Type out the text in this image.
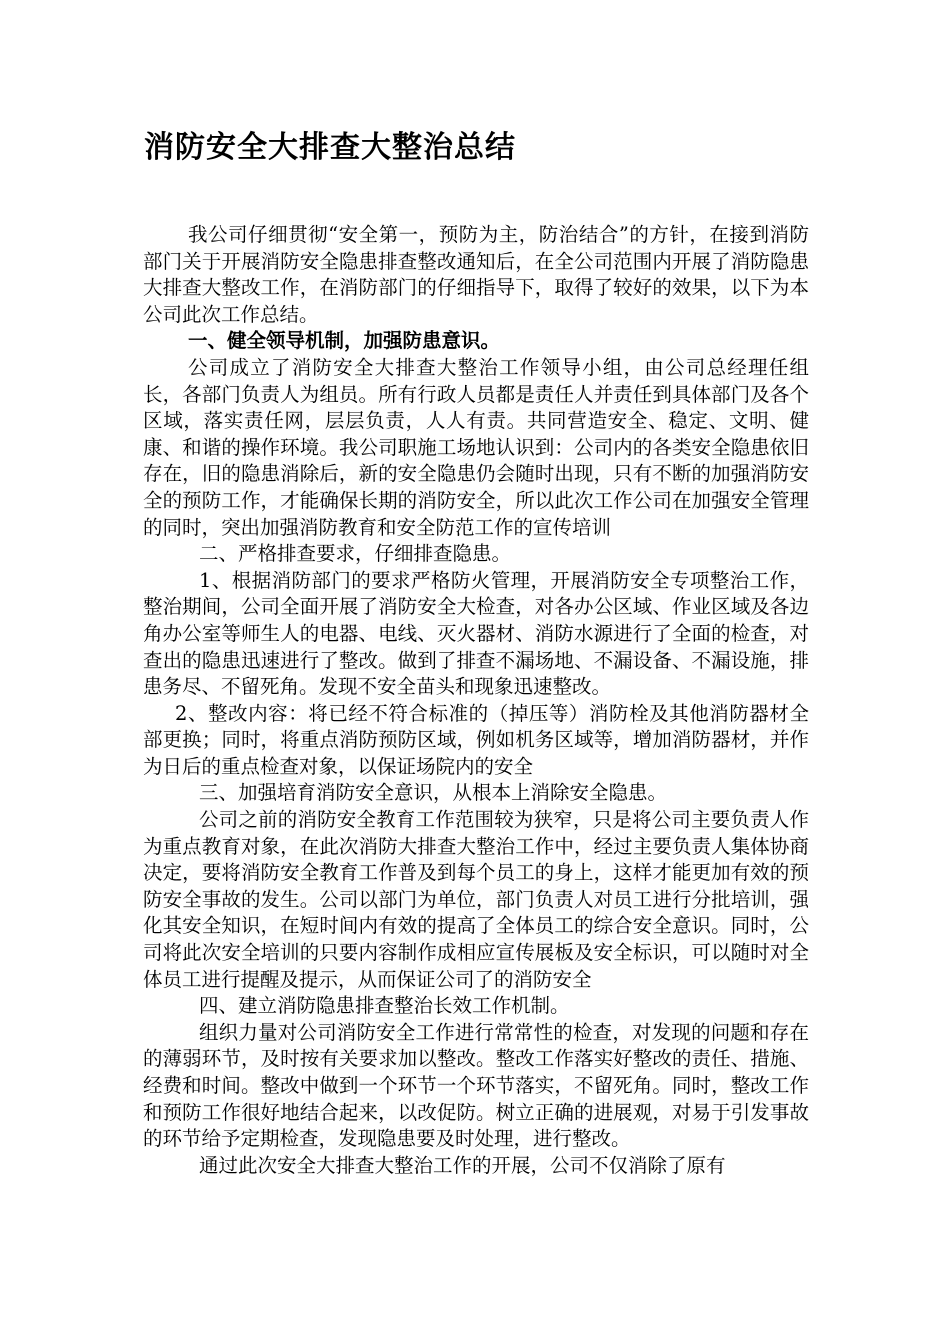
消防安全大排查大整治总结

我公司仔细贯彻“安全第一，预防为主，防治结合”的方针，在接到消防部门关于开展消防安全隐患排查整改通知后，在全公司范围内开展了消防隐患大排查大整改工作，在消防部门的仔细指导下，取得了较好的效果，以下为本公司此次工作总结。

一、健全领导机制，加强防患意识。

公司成立了消防安全大排查大整治工作领导小组，由公司总经理任组长，各部门负责人为组员。所有行政人员都是责任人并责任到具体部门及各个区域，落实责任网，层层负责，人人有责。共同营造安全、稳定、文明、健康、和谐的操作环境。我公司职施工场地认识到：公司内的各类安全隐患依旧存在，旧的隐患消除后，新的安全隐患仍会随时出现，只有不断的加强消防安全的预防工作，才能确保长期的消防安全，所以此次工作公司在加强安全管理的同时，突出加强消防教育和安全防范工作的宣传培训

二、严格排查要求，仔细排查隐患。

1、根据消防部门的要求严格防火管理，开展消防安全专项整治工作，整治期间，公司全面开展了消防安全大检查，对各办公区域、作业区域及各边角办公室等师生人的电器、电线、灭火器材、消防水源进行了全面的检查，对查出的隐患迅速进行了整改。做到了排查不漏场地、不漏设备、不漏设施，排患务尽、不留死角。发现不安全苗头和现象迅速整改。

2、整改内容：将已经不符合标准的（掉压等）消防栓及其他消防器材全部更换；同时，将重点消防预防区域，例如机务区域等，增加消防器材，并作为日后的重点检查对象，以保证场院内的安全

三、加强培育消防安全意识，从根本上消除安全隐患。

公司之前的消防安全教育工作范围较为狭窄，只是将公司主要负责人作为重点教育对象，在此次消防大排查大整治工作中，经过主要负责人集体协商决定，要将消防安全教育工作普及到每个员工的身上，这样才能更加有效的预防安全事故的发生。公司以部门为单位，部门负责人对员工进行分批培训，强化其安全知识，在短时间内有效的提高了全体员工的综合安全意识。同时，公司将此次安全培训的只要内容制作成相应宣传展板及安全标识，可以随时对全体员工进行提醒及提示，从而保证公司了的消防安全

四、建立消防隐患排查整治长效工作机制。

组织力量对公司消防安全工作进行常常性的检查，对发现的问题和存在的薄弱环节，及时按有关要求加以整改。整改工作落实好整改的责任、措施、经费和时间。整改中做到一个环节一个环节落实，不留死角。同时，整改工作和预防工作很好地结合起来，以改促防。树立正确的进展观，对易于引发事故的环节给予定期检查，发现隐患要及时处理，进行整改。

通过此次安全大排查大整治工作的开展，公司不仅消除了原有
